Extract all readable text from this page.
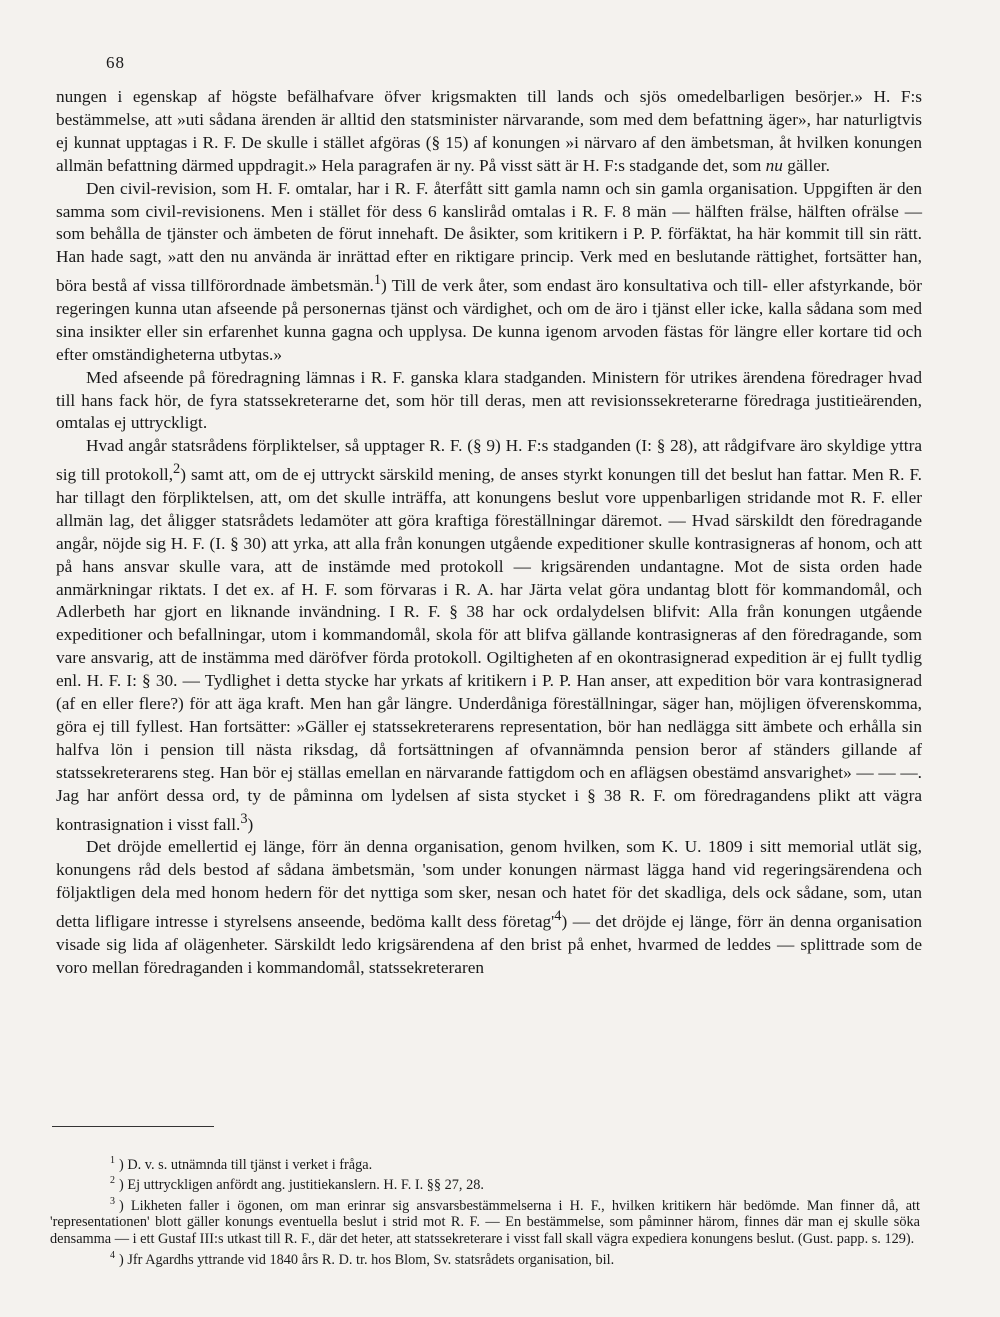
68

nungen i egenskap af högste befälhafvare öfver krigsmakten till lands och sjös omedelbarligen besörjer.» H. F:s bestämmelse, att »uti sådana ärenden är alltid den statsminister närvarande, som med dem befattning äger», har naturligtvis ej kunnat upptagas i R. F. De skulle i stället afgöras (§ 15) af konungen »i närvaro af den ämbetsman, åt hvilken konungen allmän befattning därmed uppdragit.» Hela paragrafen är ny. På visst sätt är H. F:s stadgande det, som nu gäller.

Den civil-revision, som H. F. omtalar, har i R. F. återfått sitt gamla namn och sin gamla organisation. Uppgiften är den samma som civil-revisionens. Men i stället för dess 6 kansliråd omtalas i R. F. 8 män — hälften frälse, hälften ofrälse — som behålla de tjänster och ämbeten de förut innehaft. De åsikter, som kritikern i P. P. förfäktat, ha här kommit till sin rätt. Han hade sagt, »att den nu använda är inrättad efter en riktigare princip. Verk med en beslutande rättighet, fortsätter han, böra bestå af vissa tillförordnade ämbetsmän.$^1$) Till de verk åter, som endast äro konsultativa och till- eller afstyrkande, bör regeringen kunna utan afseende på personernas tjänst och värdighet, och om de äro i tjänst eller icke, kalla sådana som med sina insikter eller sin erfarenhet kunna gagna och upplysa. De kunna igenom arvoden fästas för längre eller kortare tid och efter omständigheterna utbytas.»

Med afseende på föredragning lämnas i R. F. ganska klara stadganden. Ministern för utrikes ärendena föredrager hvad till hans fack hör, de fyra statssekreterarne det, som hör till deras, men att revisionssekreterarne föredraga justitieärenden, omtalas ej uttryckligt.

Hvad angår statsrådens förpliktelser, så upptager R. F. (§ 9) H. F:s stadganden (I: § 28), att rådgifvare äro skyldige yttra sig till protokoll,$^2$) samt att, om de ej uttryckt särskild mening, de anses styrkt konungen till det beslut han fattar. Men R. F. har tillagt den förpliktelsen, att, om det skulle inträffa, att konungens beslut vore uppenbarligen stridande mot R. F. eller allmän lag, det åligger statsrådets ledamöter att göra kraftiga föreställningar däremot. — Hvad särskildt den föredragande angår, nöjde sig H. F. (I. § 30) att yrka, att alla från konungen utgående expeditioner skulle kontrasigneras af honom, och att på hans ansvar skulle vara, att de instämde med protokoll — krigsärenden undantagne. Mot de sista orden hade anmärkningar riktats. I det ex. af H. F. som förvaras i R. A. har Järta velat göra undantag blott för kommandomål, och Adlerbeth har gjort en liknande invändning. I R. F. § 38 har ock ordalydelsen blifvit: Alla från konungen utgående expeditioner och befallningar, utom i kommandomål, skola för att blifva gällande kontrasigneras af den föredragande, som vare ansvarig, att de instämma med däröfver förda protokoll. Ogiltigheten af en okontrasignerad expedition är ej fullt tydlig enl. H. F. I: § 30. — Tydlighet i detta stycke har yrkats af kritikern i P. P. Han anser, att expedition bör vara kontrasignerad (af en eller flere?) för att äga kraft. Men han går längre. Underdåniga föreställningar, säger han, möjligen öfverenskomma, göra ej till fyllest. Han fortsätter: »Gäller ej statssekreterarens representation, bör han nedlägga sitt ämbete och erhålla sin halfva lön i pension till nästa riksdag, då fortsättningen af ofvannämnda pension beror af ständers gillande af statssekreterarens steg. Han bör ej ställas emellan en närvarande fattigdom och en aflägsen obestämd ansvarighet» — — —. Jag har anfört dessa ord, ty de påminna om lydelsen af sista stycket i § 38 R. F. om föredragandens plikt att vägra kontrasignation i visst fall.$^3$)

Det dröjde emellertid ej länge, förr än denna organisation, genom hvilken, som K. U. 1809 i sitt memorial utlät sig, konungens råd dels bestod af sådana ämbetsmän, 'som under konungen närmast lägga hand vid regeringsärendena och följaktligen dela med honom hedern för det nyttiga som sker, nesan och hatet för det skadliga, dels ock sådane, som, utan detta lifligare intresse i styrelsens anseende, bedöma kallt dess $företag'^4$) — det dröjde ej länge, förr än denna organisation visade sig lida af olägenheter. Särskildt ledo krigsärendena af den brist på enhet, hvarmed de leddes — splittrade som de voro mellan föredraganden i kommandomål, statssekreteraren

$^1$ ) D. v. s. utnämnda till tjänst i verket i fråga.

$^2$ ) Ej uttryckligen anfördt ang. justitiekanslern. H. F. I. §§ 27, 28.

$^3$ ) Likheten faller i ögonen, om man erinrar sig ansvarsbestämmelserna i H. F., hvilken kritikern här bedömde. Man finner då, att 'representationen' blott gäller konungs eventuella beslut i strid mot R. F. — En bestämmelse, som påminner härom, finnes där man ej skulle söka densamma — i ett Gustaf III:s utkast till R. F., där det heter, att statssekreterare i visst fall skall vägra expediera konungens beslut. (Gust. papp. s. 129).

$^4$ ) Jfr Agardhs yttrande vid 1840 års R. D. tr. hos Blom, Sv. statsrådets organisation, bil.
